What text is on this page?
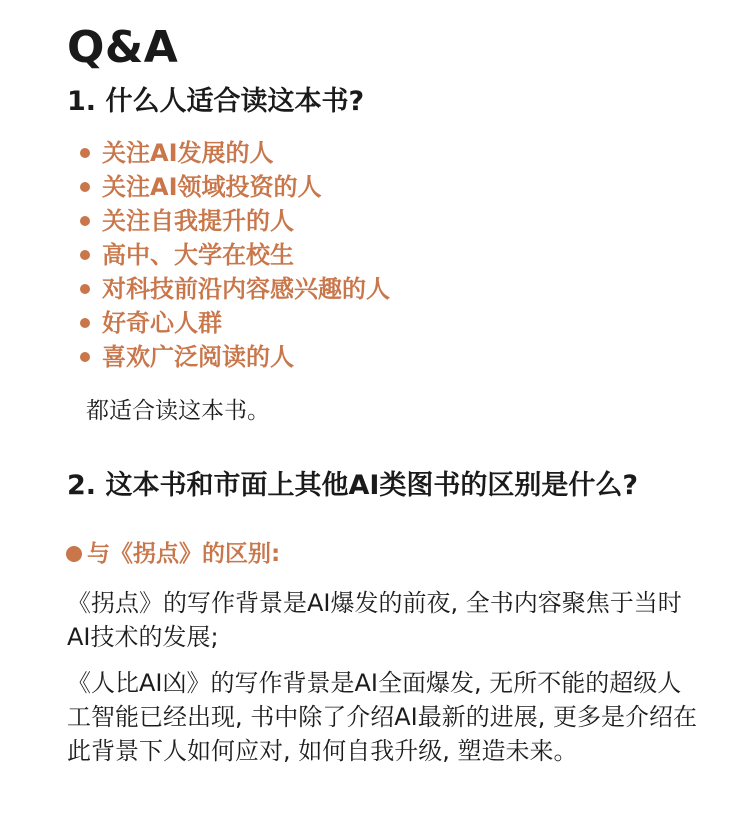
Q&A
1. 什么人适合读这本书?
关注AI发展的人
关注AI领域投资的人
关注自我提升的人
高中、大学在校生
对科技前沿内容感兴趣的人
好奇心人群
喜欢广泛阅读的人
都适合读这本书。
2. 这本书和市面上其他AI类图书的区别是什么?
与《拐点》的区别:
《拐点》的写作背景是AI爆发的前夜, 全书内容聚焦于当时AI技术的发展;
《人比AI凶》的写作背景是AI全面爆发, 无所不能的超级人工智能已经出现, 书中除了介绍AI最新的进展, 更多是介绍在此背景下人如何应对, 如何自我升级, 塑造未来。
